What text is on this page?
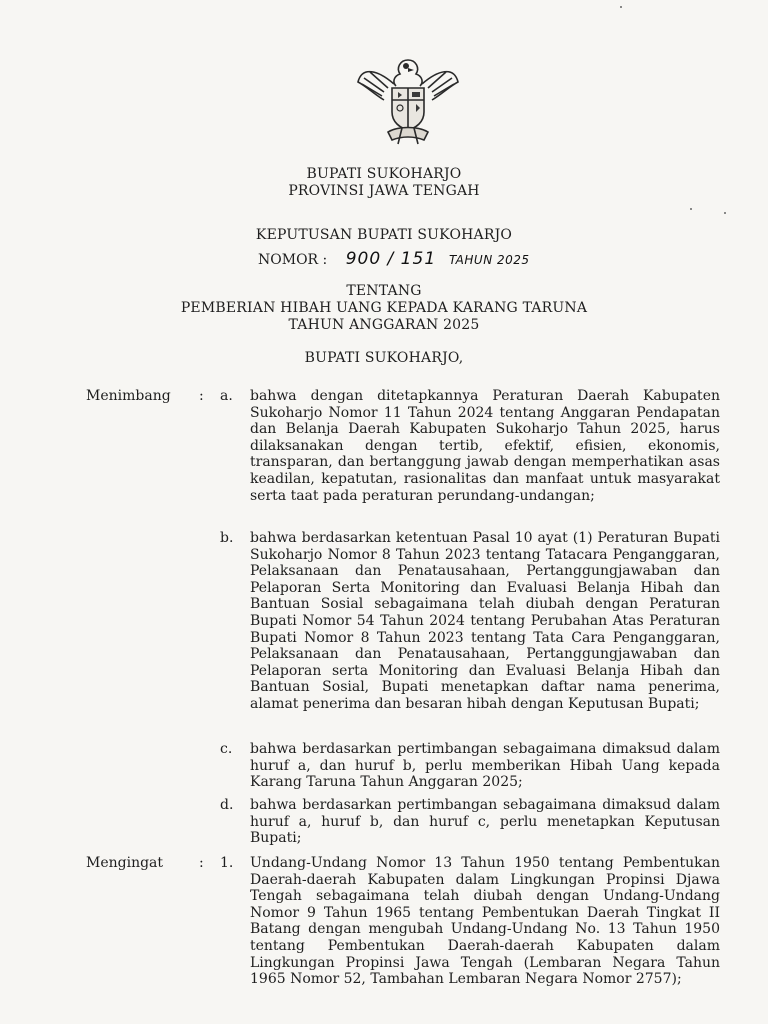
BUPATI SUKOHARJO
PROVINSI JAWA TENGAH
KEPUTUSAN BUPATI SUKOHARJO
NOMOR : 900 / 151 TAHUN 2025
TENTANG
PEMBERIAN HIBAH UANG KEPADA KARANG TARUNA
TAHUN ANGGARAN 2025
BUPATI SUKOHARJO,
Menimbang : a. bahwa dengan ditetapkannya Peraturan Daerah Kabupaten Sukoharjo Nomor 11 Tahun 2024 tentang Anggaran Pendapatan dan Belanja Daerah Kabupaten Sukoharjo Tahun 2025, harus dilaksanakan dengan tertib, efektif, efisien, ekonomis, transparan, dan bertanggung jawab dengan memperhatikan asas keadilan, kepatutan, rasionalitas dan manfaat untuk masyarakat serta taat pada peraturan perundang-undangan;
b. bahwa berdasarkan ketentuan Pasal 10 ayat (1) Peraturan Bupati Sukoharjo Nomor 8 Tahun 2023 tentang Tatacara Penganggaran, Pelaksanaan dan Penatausahaan, Pertanggungjawaban dan Pelaporan Serta Monitoring dan Evaluasi Belanja Hibah dan Bantuan Sosial sebagaimana telah diubah dengan Peraturan Bupati Nomor 54 Tahun 2024 tentang Perubahan Atas Peraturan Bupati Nomor 8 Tahun 2023 tentang Tata Cara Penganggaran, Pelaksanaan dan Penatausahaan, Pertanggungjawaban dan Pelaporan serta Monitoring dan Evaluasi Belanja Hibah dan Bantuan Sosial, Bupati menetapkan daftar nama penerima, alamat penerima dan besaran hibah dengan Keputusan Bupati;
c. bahwa berdasarkan pertimbangan sebagaimana dimaksud dalam huruf a, dan huruf b, perlu memberikan Hibah Uang kepada Karang Taruna Tahun Anggaran 2025;
d. bahwa berdasarkan pertimbangan sebagaimana dimaksud dalam huruf a, huruf b, dan huruf c, perlu menetapkan Keputusan Bupati;
Mengingat	: 1. Undang-Undang Nomor 13 Tahun 1950 tentang Pembentukan Daerah-daerah Kabupaten dalam Lingkungan Propinsi Djawa Tengah sebagaimana telah diubah dengan Undang-Undang Nomor 9 Tahun 1965 tentang Pembentukan Daerah Tingkat II Batang dengan mengubah Undang-Undang No. 13 Tahun 1950 tentang Pembentukan Daerah-daerah Kabupaten dalam Lingkungan Propinsi Jawa Tengah (Lembaran Negara Tahun 1965 Nomor 52, Tambahan Lembaran Negara Nomor 2757);
